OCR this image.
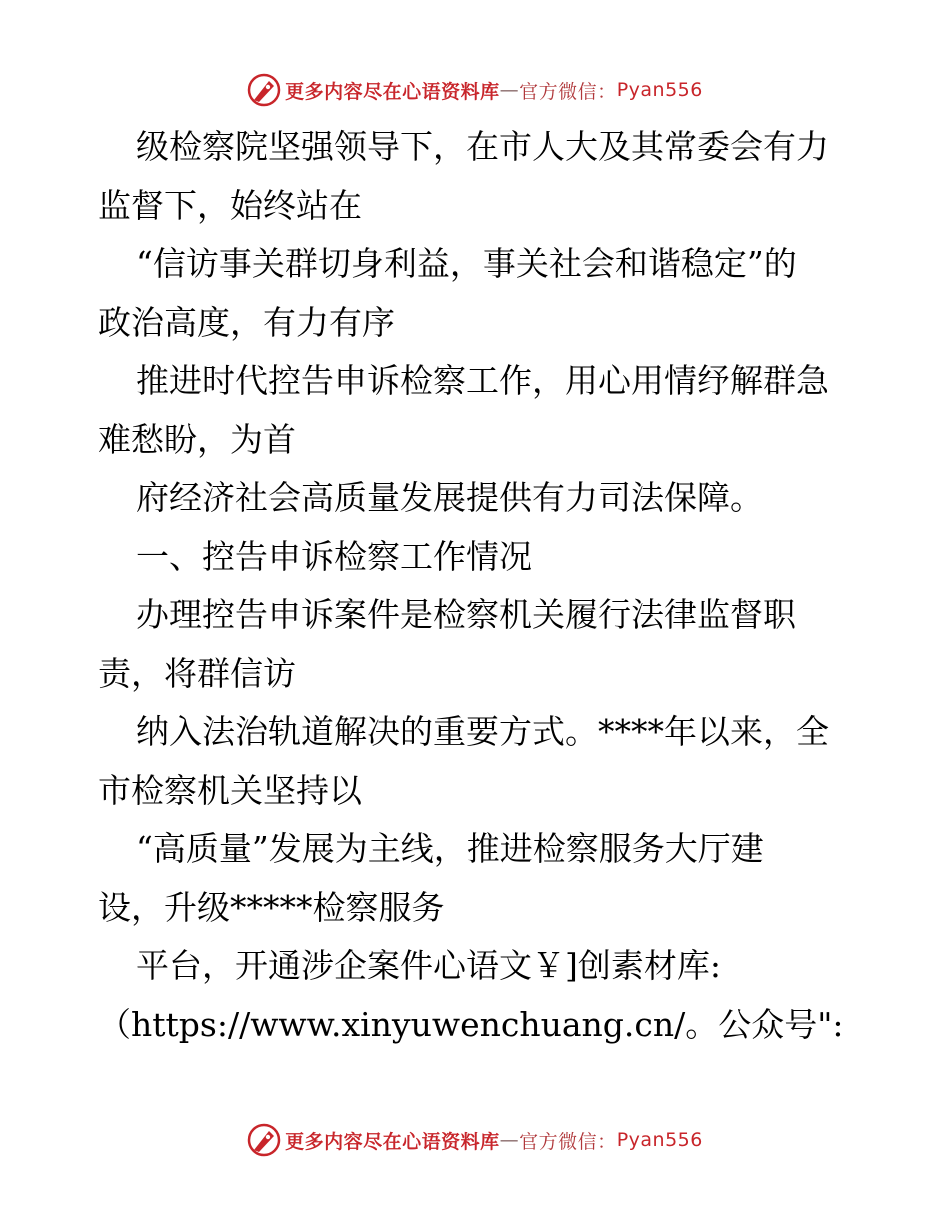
更多内容尽在心语资料库 — 官方微信： Pyan556

级检察院坚强领导下，在市人大及其常委会有力

监督下，始终站在

“信访事关群切身利益，事关社会和谐稳定”的

政治高度，有力有序

推进时代控告申诉检察工作，用心用情纾解群急

难愁盼，为首

府经济社会高质量发展提供有力司法保障。

一、控告申诉检察工作情况

办理控告申诉案件是检察机关履行法律监督职

责，将群信访

纳入法治轨道解决的重要方式。****年以来，全

市检察机关坚持以

“高质量”发展为主线，推进检察服务大厅建

设，升级*****检察服务

平台，开通涉企案件心语文￥]创素材库:

（https://www.xinyuwenchuang.cn/。公众号":

更多内容尽在心语资料库 — 官方微信： Pyan556
